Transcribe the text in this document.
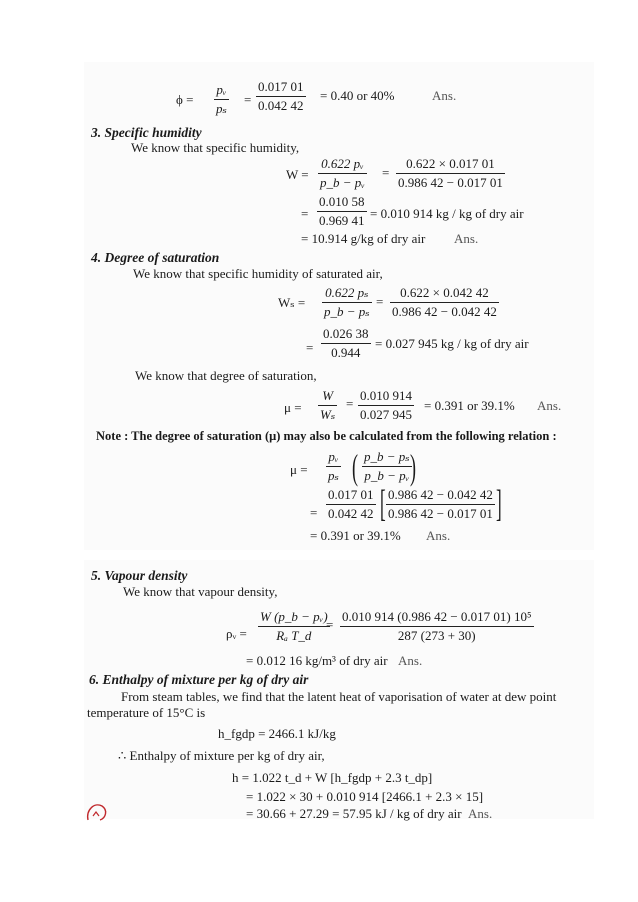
$\phi = \frac{\text{pᵥ}}{\text{pₛ}} = \frac{0.017 01}{0.042 42} = 0.40$ or 40%	Ans.
3. Specific humidity
We know that specific humidity,
$W = \frac{\text{0.622 pᵥ}}{\text{p\_b − pᵥ}} = \frac{0.622 \times 0.017 01}{0.986 42 - 0.017 01}$
= $\frac{0.010 58}{0.969 41} = 0.010$ 914 kg / kg of dry air
= 10.914 g/kg of dry air Ans.
4. Degree of saturation
We know that specific humidity of saturated air,
$W_s = \frac{\text{0.622 pₛ}}{\text{p\_b − pₛ}} = \frac{0.622 \times 0.042 42}{0.986 42 - 0.042 42}$
= $\frac{0.026 38}{0.944} = 0.027$ 945 kg / kg of dry air
We know that degree of saturation,
$\mu = \frac{W}{\text{Wₛ}} = \frac{0.010 914}{0.027 945} = 0.391$ or 39.1% Ans.
Note : The degree of saturation (μ) may also be calculated from the following relation :
$\mu = \frac{\text{pᵥ}}{\text{pₛ}}$ ( $\frac{\text{p\_b − pₛ}}{\text{p\_b − pᵥ}}$
)
= $\frac{0.017 01}{0.042 42}$ [ $\frac{0.986 42 - 0.042 42}{0.986 42 - 0.017 01}$ ]
= 0.391 or 39.1% Ans.
5. Vapour density
We know that vapour density,
ρᵥ = $\frac{\text{W (p\_b − pᵥ)}}{\text{Rₐ T\_d}}$
= $\frac{\text{0.010 914 (0.986 42 − 0.017 01) 10⁵}}{287 (273 + 30)}$
= 0.012 16 kg/m³ of dry air Ans.
6. Enthalpy of mixture per kg of dry air
From steam tables, we find that the latent heat of vaporisation of water at dew point
temperature of 15°C is
h_fgdp = 2466.1 kJ/kg
∴ Enthalpy of mixture per kg of dry air,
h = 1.022 t_d + W [h_fgdp + 2.3 t_dp]
= 1.022 × 30 + 0.010 914 [2466.1 + 2.3 × 15]
= 30.66 + 27.29 = 57.95 kJ / kg of dry air Ans.
